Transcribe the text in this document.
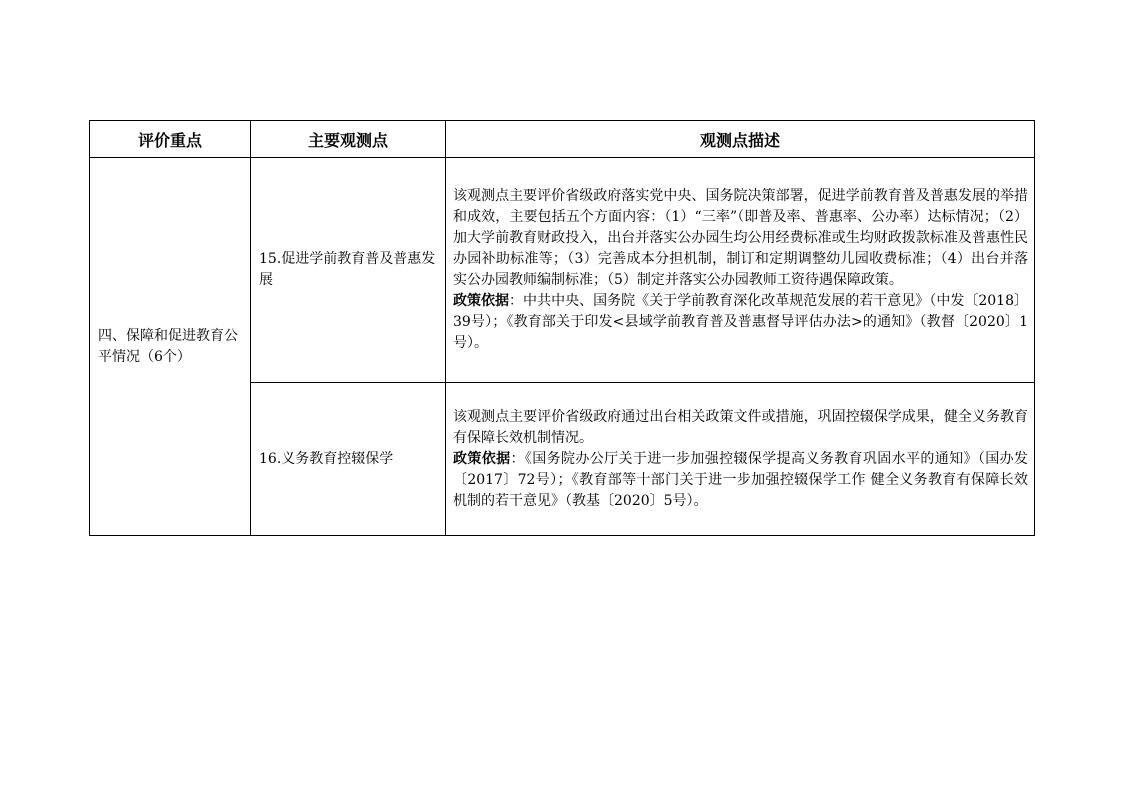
评价重点	主要观测点	观测点描述
四、保障和促进教育公平情况（6个）	15.促进学前教育普及普惠发展	该观测点主要评价省级政府落实党中央、国务院决策部署，促进学前教育普及普惠发展的举措和成效，主要包括五个方面内容：（1）“三率”（即普及率、普惠率、公办率）达标情况；（2）加大学前教育财政投入，出台并落实公办园生均公用经费标准或生均财政拨款标准及普惠性民办园补助标准等；（3）完善成本分担机制，制订和定期调整幼儿园收费标准；（4）出台并落实公办园教师编制标准；（5）制定并落实公办园教师工资待遇保障政策。

政策依据：中共中央、国务院《关于学前教育深化改革规范发展的若干意见》（中发〔2018〕39号）；《教育部关于印发<县域学前教育普及普惠督导评估办法>的通知》（教督〔2020〕1号）。

	16.义务教育控辍保学	该观测点主要评价省级政府通过出台相关政策文件或措施，巩固控辍保学成果，健全义务教育有保障长效机制情况。

政策依据：《国务院办公厅关于进一步加强控辍保学提高义务教育巩固水平的通知》（国办发〔2017〕72号）；《教育部等十部门关于进一步加强控辍保学工作 健全义务教育有保障长效机制的若干意见》（教基〔2020〕5号）。
